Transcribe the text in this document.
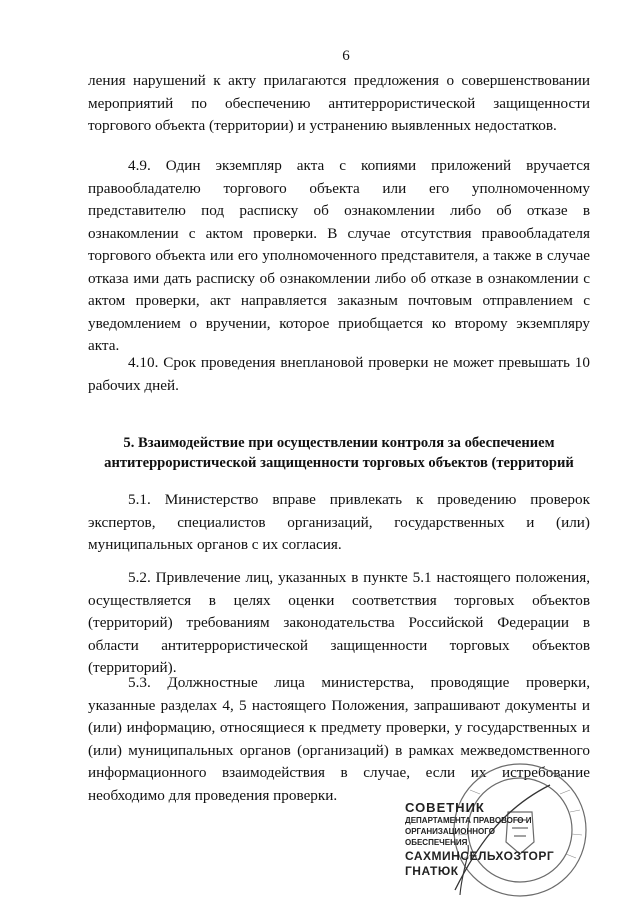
6

ления нарушений к акту прилагаются предложения о совершенствовании мероприятий по обеспечению антитеррористической защищенности торгового объекта (территории) и устранению выявленных недостатков.

4.9. Один экземпляр акта с копиями приложений вручается правообладателю торгового объекта или его уполномоченному представителю под расписку об ознакомлении либо об отказе в ознакомлении с актом проверки. В случае отсутствия правообладателя торгового объекта или его уполномоченного представителя, а также в случае отказа ими дать расписку об ознакомлении либо об отказе в ознакомлении с актом проверки, акт направляется заказным почтовым отправлением с уведомлением о вручении, которое приобщается ко второму экземпляру акта.

4.10. Срок проведения внеплановой проверки не может превышать 10 рабочих дней.

5. Взаимодействие при осуществлении контроля за обеспечением
антитеррористической защищенности торговых объектов (территорий

5.1. Министерство вправе привлекать к проведению проверок экспертов, специалистов организаций, государственных и (или) муниципальных органов с их согласия.

5.2. Привлечение лиц, указанных в пункте 5.1 настоящего положения, осуществляется в целях оценки соответствия торговых объектов (территорий) требованиям законодательства Российской Федерации в области антитеррористической защищенности торговых объектов (территорий).

5.3. Должностные лица министерства, проводящие проверки, указанные разделах 4, 5 настоящего Положения, запрашивают документы и (или) информацию, относящиеся к предмету проверки, у государственных и (или) муниципальных органов (организаций) в рамках межведомственного информационного взаимодействия в случае, если их истребование необходимо для проведения проверки.

СОВЕТНИК
ДЕПАРТАМЕНТА ПРАВОВОГО И
ОРГАНИЗАЦИОННОГО
ОБЕСПЕЧЕНИЯ
САХМИНСЕЛЬХОЗТОРГ
ГНАТЮК
